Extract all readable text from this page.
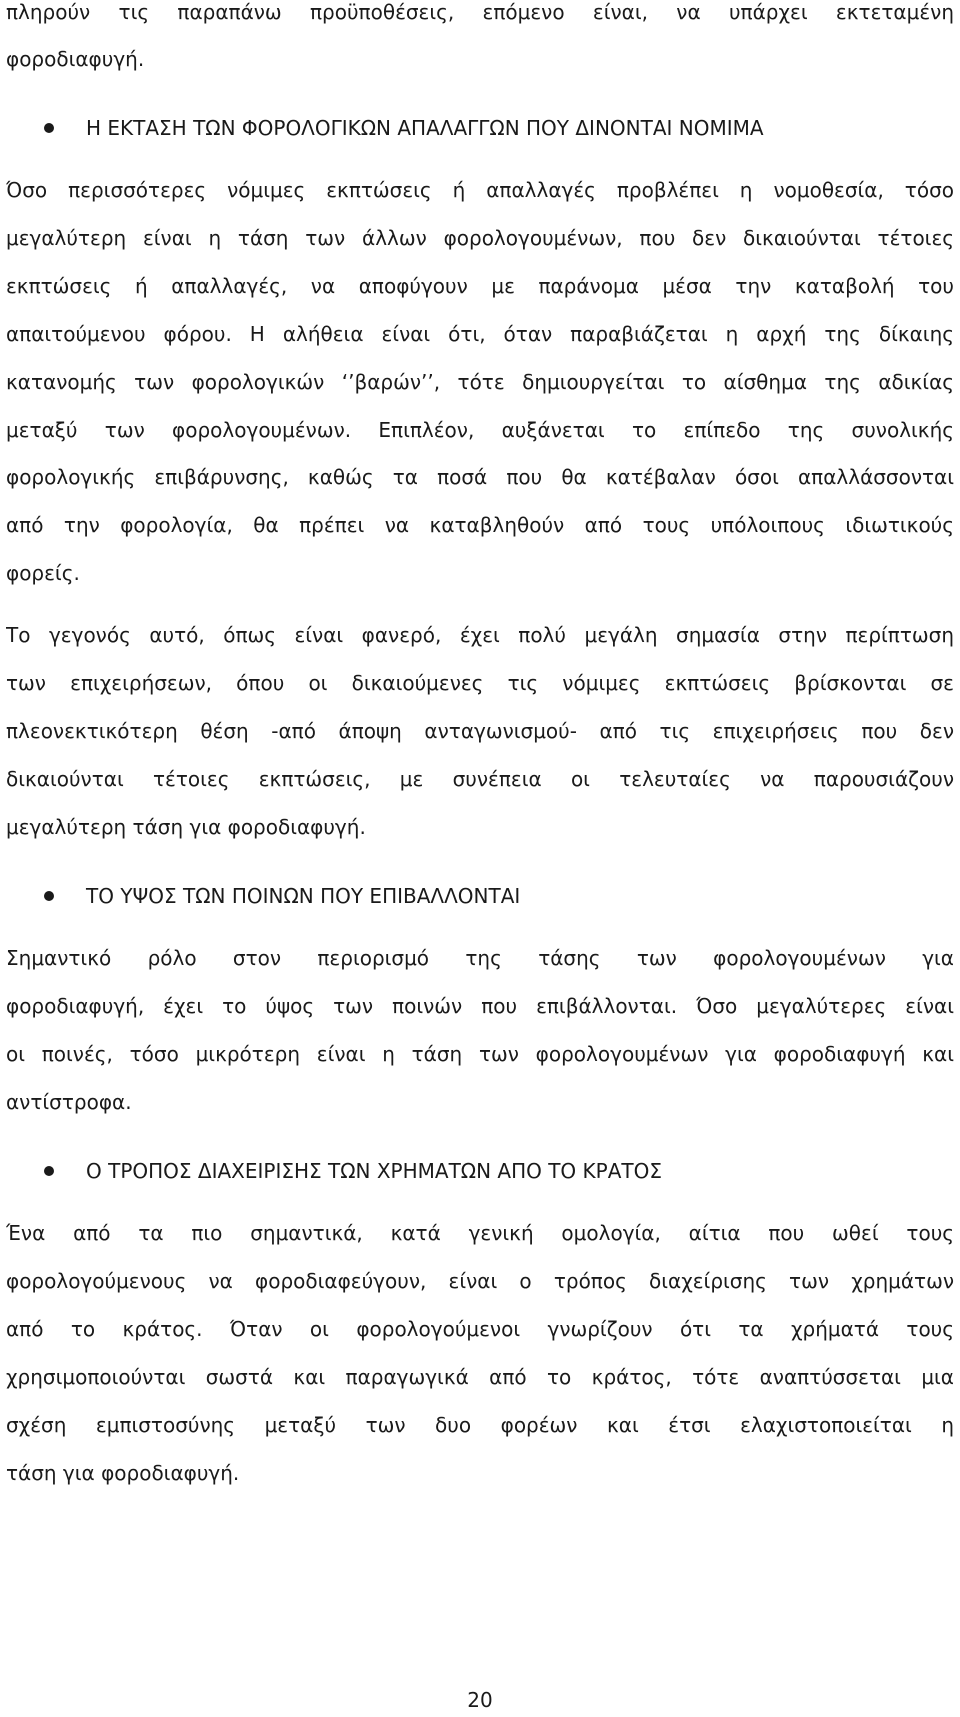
πληρούν τις παραπάνω προϋποθέσεις, επόμενο είναι, να υπάρχει εκτεταμένη
φοροδιαφυγή.
Η ΕΚΤΑΣΗ ΤΩΝ ΦΟΡΟΛΟΓΙΚΩΝ ΑΠΑΛΑΓΓΩΝ ΠΟΥ ΔΙΝΟΝΤΑΙ ΝΟΜΙΜΑ
Όσο περισσότερες νόμιμες εκπτώσεις ή απαλλαγές προβλέπει η νομοθεσία, τόσο
μεγαλύτερη είναι η τάση των άλλων φορολογουμένων, που δεν δικαιούνται τέτοιες
εκπτώσεις ή απαλλαγές, να αποφύγουν με παράνομα μέσα την καταβολή του
απαιτούμενου φόρου. Η αλήθεια είναι ότι, όταν παραβιάζεται η αρχή της δίκαιης
κατανομής των φορολογικών ‘’βαρών’’, τότε δημιουργείται το αίσθημα της αδικίας
μεταξύ των φορολογουμένων. Επιπλέον, αυξάνεται το επίπεδο της συνολικής
φορολογικής επιβάρυνσης, καθώς τα ποσά που θα κατέβαλαν όσοι απαλλάσσονται
από την φορολογία, θα πρέπει να καταβληθούν από τους υπόλοιπους ιδιωτικούς
φορείς.
Το γεγονός αυτό, όπως είναι φανερό, έχει πολύ μεγάλη σημασία στην περίπτωση
των επιχειρήσεων, όπου οι δικαιούμενες τις νόμιμες εκπτώσεις βρίσκονται σε
πλεονεκτικότερη θέση -από άποψη ανταγωνισμού- από τις επιχειρήσεις που δεν
δικαιούνται τέτοιες εκπτώσεις, με συνέπεια οι τελευταίες να παρουσιάζουν
μεγαλύτερη τάση για φοροδιαφυγή.
ΤΟ ΥΨΟΣ ΤΩΝ ΠΟΙΝΩΝ ΠΟΥ ΕΠΙΒΑΛΛΟΝΤΑΙ
Σημαντικό ρόλο στον περιορισμό της τάσης των φορολογουμένων για
φοροδιαφυγή, έχει το ύψος των ποινών που επιβάλλονται. Όσο μεγαλύτερες είναι
οι ποινές, τόσο μικρότερη είναι η τάση των φορολογουμένων για φοροδιαφυγή και
αντίστροφα.
Ο ΤΡΟΠΟΣ ΔΙΑΧΕΙΡΙΣΗΣ ΤΩΝ ΧΡΗΜΑΤΩΝ ΑΠΟ ΤΟ ΚΡΑΤΟΣ
Ένα από τα πιο σημαντικά, κατά γενική ομολογία, αίτια που ωθεί τους
φορολογούμενους να φοροδιαφεύγουν, είναι ο τρόπος διαχείρισης των χρημάτων
από το κράτος. Όταν οι φορολογούμενοι γνωρίζουν ότι τα χρήματά τους
χρησιμοποιούνται σωστά και παραγωγικά από το κράτος, τότε αναπτύσσεται μια
σχέση εμπιστοσύνης μεταξύ των δυο φορέων και έτσι ελαχιστοποιείται η
τάση για φοροδιαφυγή.
20
